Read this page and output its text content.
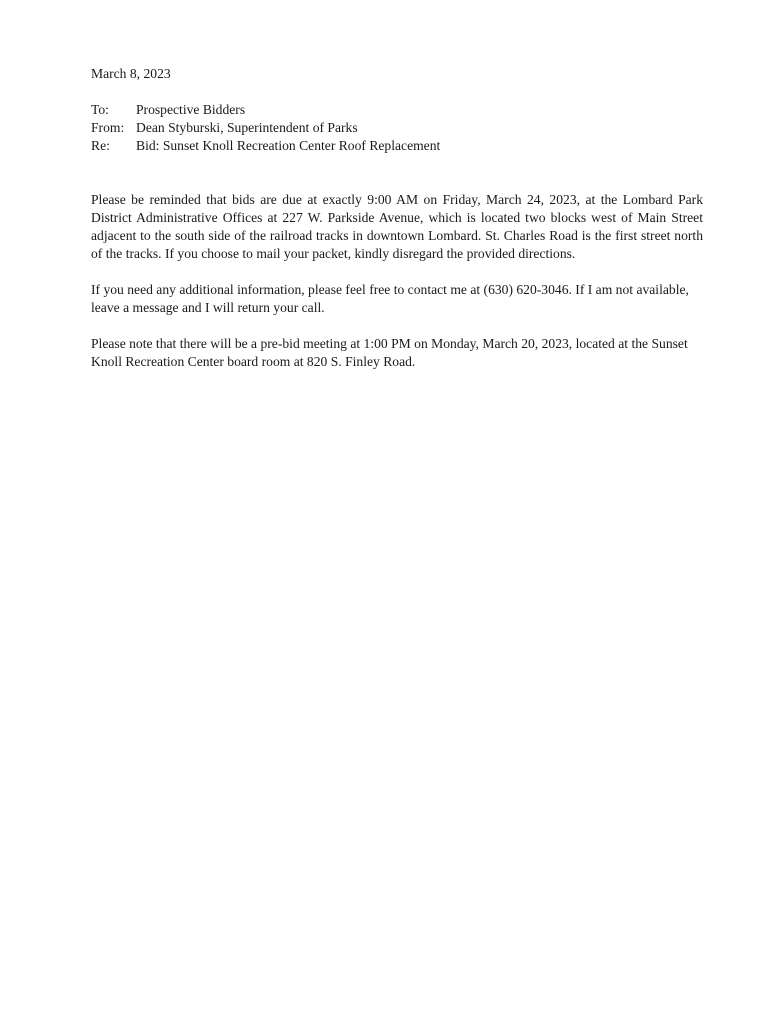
March 8, 2023
To:	Prospective Bidders
From: Dean Styburski, Superintendent of Parks
Re:	Bid: Sunset Knoll Recreation Center Roof Replacement

Please be reminded that bids are due at exactly 9:00 AM on Friday, March 24, 2023, at the Lombard Park District Administrative Offices at 227 W. Parkside Avenue, which is located two blocks west of Main Street adjacent to the south side of the railroad tracks in downtown Lombard. St. Charles Road is the first street north of the tracks. If you choose to mail your packet, kindly disregard the provided directions.

If you need any additional information, please feel free to contact me at (630) 620-3046. If I am not available, leave a message and I will return your call.

Please note that there will be a pre-bid meeting at 1:00 PM on Monday, March 20, 2023, located at the Sunset Knoll Recreation Center board room at 820 S. Finley Road.
